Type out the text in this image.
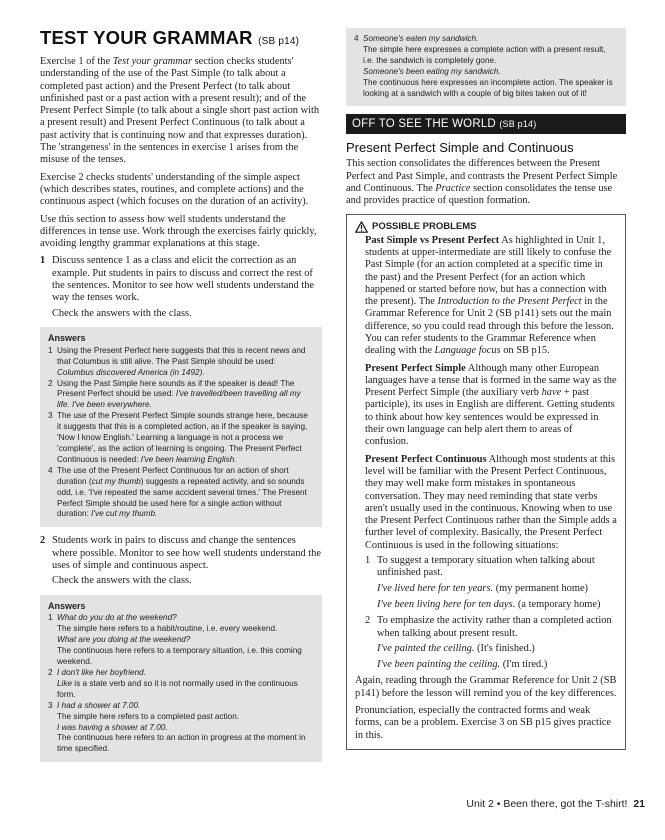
TEST YOUR GRAMMAR (SB p14)

Exercise 1 of the Test your grammar section checks students' understanding of the use of the Past Simple (to talk about a completed past action) and the Present Perfect (to talk about unfinished past or a past action with a present result); and of the Present Perfect Simple (to talk about a single short past action with a present result) and Present Perfect Continuous (to talk about a past activity that is continuing now and that expresses duration). The 'strangeness' in the sentences in exercise 1 arises from the misuse of the tenses.

Exercise 2 checks students' understanding of the simple aspect (which describes states, routines, and complete actions) and the continuous aspect (which focuses on the duration of an activity).

Use this section to assess how well students understand the differences in tense use. Work through the exercises fairly quickly, avoiding lengthy grammar explanations at this stage.

1 Discuss sentence 1 as a class and elicit the correction as an example. Put students in pairs to discuss and correct the rest of the sentences. Monitor to see how well students understand the way the tenses work.

Check the answers with the class.

Answers
1 Using the Present Perfect here suggests that this is recent news and that Columbus is still alive. The Past Simple should be used:
Columbus discovered America (in 1492).
2 Using the Past Simple here sounds as if the speaker is dead! The Present Perfect should be used: I've travelled/been travelling all my life. I've been everywhere.
3 The use of the Present Perfect Simple sounds strange here, because it suggests that this is a completed action, as if the speaker is saying, 'Now I know English.' Learning a language is not a process we 'complete', as the action of learning is ongoing. The Present Perfect Continuous is needed: I've been learning English.
4 The use of the Present Perfect Continuous for an action of short duration (cut my thumb) suggests a repeated activity, and so sounds odd, i.e. 'I've repeated the same accident several times.' The Present Perfect Simple should be used here for a single action without duration: I've cut my thumb.
2 Students work in pairs to discuss and change the sentences where possible. Monitor to see how well students understand the uses of simple and continuous aspect.

Check the answers with the class.

Answers
1 What do you do at the weekend?
The simple here refers to a habit/routine, i.e. every weekend.
What are you doing at the weekend?
The continuous here refers to a temporary situation, i.e. this coming weekend.
2 I don't like her boyfriend.
Like is a state verb and so it is not normally used in the continuous form.
3 I had a shower at 7.00.
The simple here refers to a completed past action.
I was having a shower at 7.00.
The continuous here refers to an action in progress at the moment in time specified.
4 Someone's eaten my sandwich.
The simple here expresses a complete action with a present result, i.e. the sandwich is completely gone.
Someone's been eating my sandwich.
The continuous here expresses an incomplete action. The speaker is looking at a sandwich with a couple of big bites taken out of it!
OFF TO SEE THE WORLD (SB p14)
Present Perfect Simple and Continuous

This section consolidates the differences between the Present Perfect and Past Simple, and contrasts the Present Perfect Simple and Continuous. The Practice section consolidates the tense use and provides practice of question formation.

POSSIBLE PROBLEMS

Past Simple vs Present Perfect As highlighted in Unit 1, students at upper-intermediate are still likely to confuse the Past Simple (for an action completed at a specific time in the past) and the Present Perfect (for an action which happened or started before now, but has a connection with the present). The Introduction to the Present Perfect in the Grammar Reference for Unit 2 (SB p141) sets out the main difference, so you could read through this before the lesson. You can refer students to the Grammar Reference when dealing with the Language focus on SB p15.

Present Perfect Simple Although many other European languages have a tense that is formed in the same way as the Present Perfect Simple (the auxiliary verb have + past participle), its uses in English are different. Getting students to think about how key sentences would be expressed in their own language can help alert them to areas of confusion.

Present Perfect Continuous Although most students at this level will be familiar with the Present Perfect Continuous, they may well make form mistakes in spontaneous conversation. They may need reminding that state verbs aren't usually used in the continuous. Knowing when to use the Present Perfect Continuous rather than the Simple adds a further level of complexity. Basically, the Present Perfect Continuous is used in the following situations:

1 To suggest a temporary situation when talking about unfinished past.
I've lived here for ten years. (my permanent home)
I've been living here for ten days. (a temporary home)
2 To emphasize the activity rather than a completed action when talking about present result.
I've painted the ceiling. (It's finished.)
I've been painting the ceiling. (I'm tired.)

Again, reading through the Grammar Reference for Unit 2 (SB p141) before the lesson will remind you of the key differences.

Pronunciation, especially the contracted forms and weak forms, can be a problem. Exercise 3 on SB p15 gives practice in this.

Unit 2 • Been there, got the T-shirt! 21
